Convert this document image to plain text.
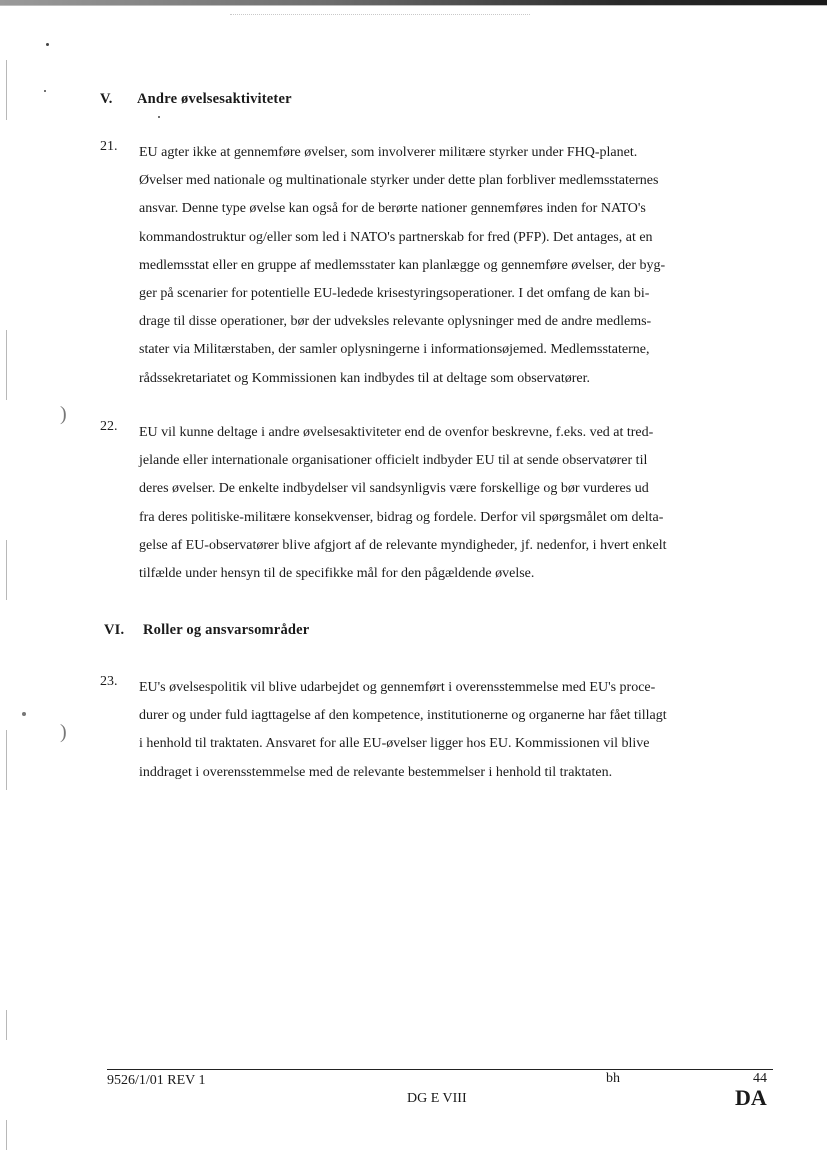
)
)
V. Andre øvelsesaktiviteter
21. EU agter ikke at gennemføre øvelser, som involverer militære styrker under FHQ-planet.
Øvelser med nationale og multinationale styrker under dette plan forbliver medlemsstaternes
ansvar. Denne type øvelse kan også for de berørte nationer gennemføres inden for NATO's
kommandostruktur og/eller som led i NATO's partnerskab for fred (PFP). Det antages, at en
medlemsstat eller en gruppe af medlemsstater kan planlægge og gennemføre øvelser, der byg-
ger på scenarier for potentielle EU-ledede krisestyringsoperationer. I det omfang de kan bi-
drage til disse operationer, bør der udveksles relevante oplysninger med de andre medlems-
stater via Militærstaben, der samler oplysningerne i informationsøjemed. Medlemsstaterne,
rådssekretariatet og Kommissionen kan indbydes til at deltage som observatører.
22. EU vil kunne deltage i andre øvelsesaktiviteter end de ovenfor beskrevne, f.eks. ved at tred-
jelande eller internationale organisationer officielt indbyder EU til at sende observatører til
deres øvelser. De enkelte indbydelser vil sandsynligvis være forskellige og bør vurderes ud
fra deres politiske-militære konsekvenser, bidrag og fordele. Derfor vil spørgsmålet om delta-
gelse af EU-observatører blive afgjort af de relevante myndigheder, jf. nedenfor, i hvert enkelt
tilfælde under hensyn til de specifikke mål for den pågældende øvelse.
VI. Roller og ansvarsområder
23. EU's øvelsespolitik vil blive udarbejdet og gennemført i overensstemmelse med EU's proce-
durer og under fuld iagttagelse af den kompetence, institutionerne og organerne har fået tillagt
i henhold til traktaten. Ansvaret for alle EU-øvelser ligger hos EU. Kommissionen vil blive
inddraget i overensstemmelse med de relevante bestemmelser i henhold til traktaten.
9526/1/01 REV 1	bh	44
DG E VIII	DA
